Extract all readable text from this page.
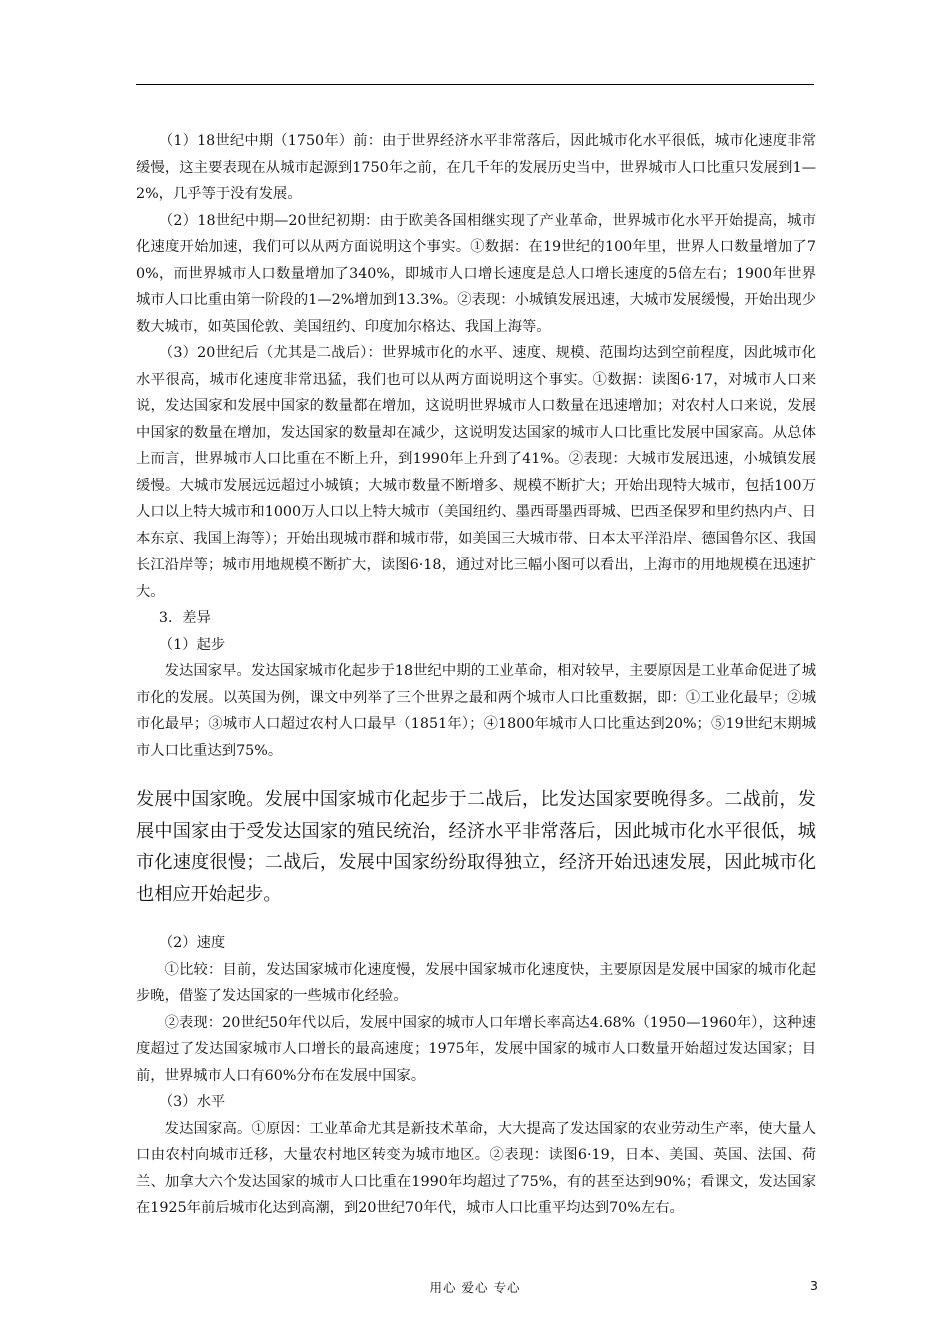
（1）18世纪中期（1750年）前：由于世界经济水平非常落后，因此城市化水平很低，城市化速度非常缓慢，这主要表现在从城市起源到1750年之前，在几千年的发展历史当中，世界城市人口比重只发展到1—2%，几乎等于没有发展。

（2）18世纪中期—20世纪初期：由于欧美各国相继实现了产业革命，世界城市化水平开始提高，城市化速度开始加速，我们可以从两方面说明这个事实。①数据：在19世纪的100年里，世界人口数量增加了70%，而世界城市人口数量增加了340%，即城市人口增长速度是总人口增长速度的5倍左右；1900年世界城市人口比重由第一阶段的1—2%增加到13.3%。②表现：小城镇发展迅速，大城市发展缓慢，开始出现少数大城市，如英国伦敦、美国纽约、印度加尔格达、我国上海等。

（3）20世纪后（尤其是二战后）：世界城市化的水平、速度、规模、范围均达到空前程度，因此城市化水平很高，城市化速度非常迅猛，我们也可以从两方面说明这个事实。①数据：读图6·17，对城市人口来说，发达国家和发展中国家的数量都在增加，这说明世界城市人口数量在迅速增加；对农村人口来说，发展中国家的数量在增加，发达国家的数量却在减少，这说明发达国家的城市人口比重比发展中国家高。从总体上而言，世界城市人口比重在不断上升，到1990年上升到了41%。②表现：大城市发展迅速，小城镇发展缓慢。大城市发展远远超过小城镇；大城市数量不断增多、规模不断扩大；开始出现特大城市，包括100万人口以上特大城市和1000万人口以上特大城市（美国纽约、墨西哥墨西哥城、巴西圣保罗和里约热内卢、日本东京、我国上海等）；开始出现城市群和城市带，如美国三大城市带、日本太平洋沿岸、德国鲁尔区、我国长江沿岸等；城市用地规模不断扩大，读图6·18，通过对比三幅小图可以看出，上海市的用地规模在迅速扩大。

3．差异

（1）起步

发达国家早。发达国家城市化起步于18世纪中期的工业革命，相对较早，主要原因是工业革命促进了城市化的发展。以英国为例，课文中列举了三个世界之最和两个城市人口比重数据，即：①工业化最早；②城市化最早；③城市人口超过农村人口最早（1851年）；④1800年城市人口比重达到20%；⑤19世纪末期城市人口比重达到75%。

发展中国家晚。发展中国家城市化起步于二战后，比发达国家要晚得多。二战前，发展中国家由于受发达国家的殖民统治，经济水平非常落后，因此城市化水平很低，城市化速度很慢；二战后，发展中国家纷纷取得独立，经济开始迅速发展，因此城市化也相应开始起步。

（2）速度

①比较：目前，发达国家城市化速度慢，发展中国家城市化速度快，主要原因是发展中国家的城市化起步晚，借鉴了发达国家的一些城市化经验。

②表现：20世纪50年代以后，发展中国家的城市人口年增长率高达4.68%（1950—1960年），这种速度超过了发达国家城市人口增长的最高速度；1975年，发展中国家的城市人口数量开始超过发达国家；目前，世界城市人口有60%分布在发展中国家。

（3）水平

发达国家高。①原因：工业革命尤其是新技术革命，大大提高了发达国家的农业劳动生产率，使大量人口由农村向城市迁移，大量农村地区转变为城市地区。②表现：读图6·19，日本、美国、英国、法国、荷兰、加拿大六个发达国家的城市人口比重在1990年均超过了75%，有的甚至达到90%；看课文，发达国家在1925年前后城市化达到高潮，到20世纪70年代，城市人口比重平均达到70%左右。

用心 爱心 专心	3
